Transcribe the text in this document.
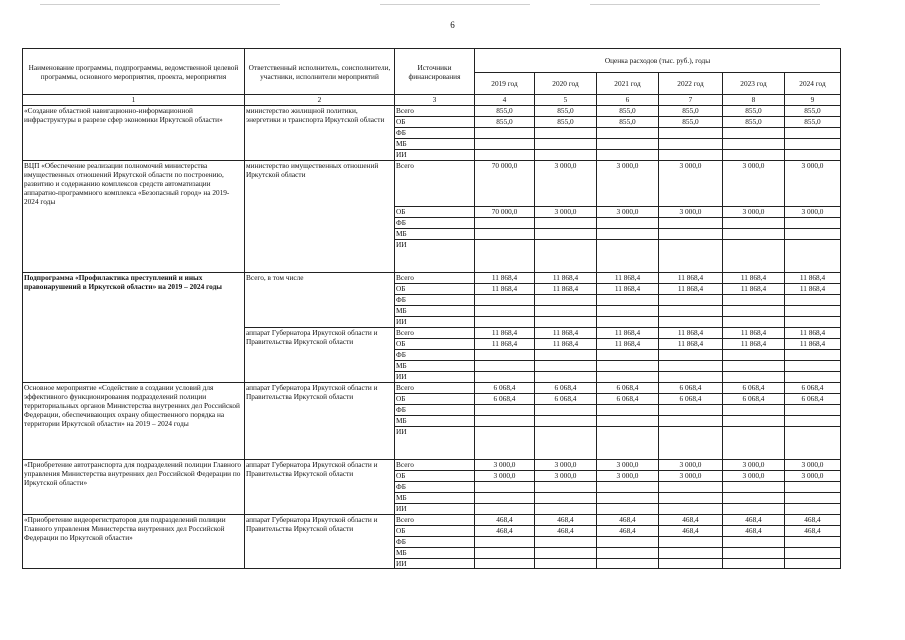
6
Наименование программы, подпрограммы, ведомственной целевой программы, основного мероприятия, проекта, мероприятия	Ответственный исполнитель, соисполнители, участники, исполнители мероприятий	Источники финансирования	Оценка расходов (тыс. руб.), годы					
			2019 год	2020 год	2021 год	2022 год	2023 год	2024 год
1	2	3	4	5	6	7	8	9
«Создание областной навигационно-информационной инфраструктуры в разрезе сфер экономики Иркутской области»	министерство жилищной политики, энергетики и транспорта Иркутской области	Всего	855,0	855,0	855,0	855,0	855,0	855,0
		ОБ	855,0	855,0	855,0	855,0	855,0	855,0
		ФБ						
		МБ						
		ИИ						
ВЦП «Обеспечение реализации полномочий министерства имущественных отношений Иркутской области по построению, развитию и содержанию комплексов средств автоматизации аппаратно-программного комплекса «Безопасный город» на 2019-2024 годы	министерство имущественных отношений Иркутской области	Всего	70 000,0	3 000,0	3 000,0	3 000,0	3 000,0	3 000,0
		ОБ	70 000,0	3 000,0	3 000,0	3 000,0	3 000,0	3 000,0
		ФБ						
		МБ						
		ИИ						
Подпрограмма «Профилактика преступлений и иных правонарушений в Иркутской области» на 2019 – 2024 годы	Всего, в том числе	Всего	11 868,4	11 868,4	11 868,4	11 868,4	11 868,4	11 868,4
		ОБ	11 868,4	11 868,4	11 868,4	11 868,4	11 868,4	11 868,4
		ФБ						
		МБ						
		ИИ						
	аппарат Губернатора Иркутской области и Правительства Иркутской области	Всего	11 868,4	11 868,4	11 868,4	11 868,4	11 868,4	11 868,4
		ОБ	11 868,4	11 868,4	11 868,4	11 868,4	11 868,4	11 868,4
		ФБ						
		МБ						
		ИИ						
Основное мероприятие «Содействие в создании условий для эффективного функционирования подразделений полиции территориальных органов Министерства внутренних дел Российской Федерации, обеспечивающих охрану общественного порядка на территории Иркутской области» на 2019 – 2024 годы	аппарат Губернатора Иркутской области и Правительства Иркутской области	Всего	6 068,4	6 068,4	6 068,4	6 068,4	6 068,4	6 068,4
		ОБ	6 068,4	6 068,4	6 068,4	6 068,4	6 068,4	6 068,4
		ФБ						
		МБ						
		ИИ						
«Приобретение автотранспорта для подразделений полиции Главного управления Министерства внутренних дел Российской Федерации по Иркутской области»	аппарат Губернатора Иркутской области и Правительства Иркутской области	Всего	3 000,0	3 000,0	3 000,0	3 000,0	3 000,0	3 000,0
		ОБ	3 000,0	3 000,0	3 000,0	3 000,0	3 000,0	3 000,0
		ФБ						
		МБ						
		ИИ						
«Приобретение видеорегистраторов для подразделений полиции Главного управления Министерства внутренних дел Российской Федерации по Иркутской области»	аппарат Губернатора Иркутской области и Правительства Иркутской области	Всего	468,4	468,4	468,4	468,4	468,4	468,4
		ОБ	468,4	468,4	468,4	468,4	468,4	468,4
		ФБ						
		МБ						
		ИИ						
